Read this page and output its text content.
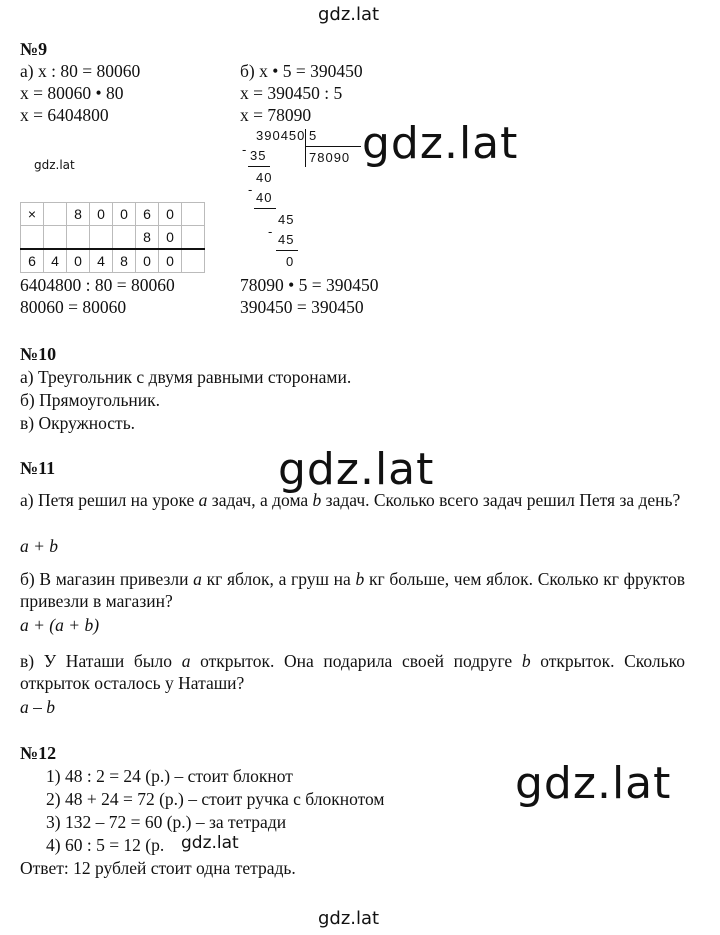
gdz.lat
gdz.lat
gdz.lat
gdz.lat
gdz.lat
gdz.lat
№9
а) х : 80 = 80060
х = 80060 • 80
х = 6404800
б) х • 5 = 390450
х = 390450 : 5
х = 78090
×		8	0	0	6	0	
					8	0	
6	4	0	4	8	0	0	
390450 5
78090
- 35
40
-
40
45
-
45
0
6404800 : 80 = 80060
80060 = 80060
78090 • 5 = 390450
390450 = 390450
№10
а) Треугольник с двумя равными сторонами.
б) Прямоугольник.
в) Окружность.
№11
а) Петя решил на уроке a задач, а дома b задач. Сколько всего задач решил Петя за день?
a + b
б) В магазин привезли a кг яблок, а груш на b кг больше, чем яблок. Сколько кг фруктов привезли в магазин?
a + (a + b)
в) У Наташи было a открыток. Она подарила своей подруге b открыток. Сколько открыток осталось у Наташи?
a – b
№12
1) 48 : 2 = 24 (р.) – стоит блокнот
2) 48 + 24 = 72 (р.) – стоит ручка с блокнотом
3) 132 – 72 = 60 (р.) – за тетради
4) 60 : 5 = 12 (р. gdz.lat
Ответ: 12 рублей стоит одна тетрадь.
